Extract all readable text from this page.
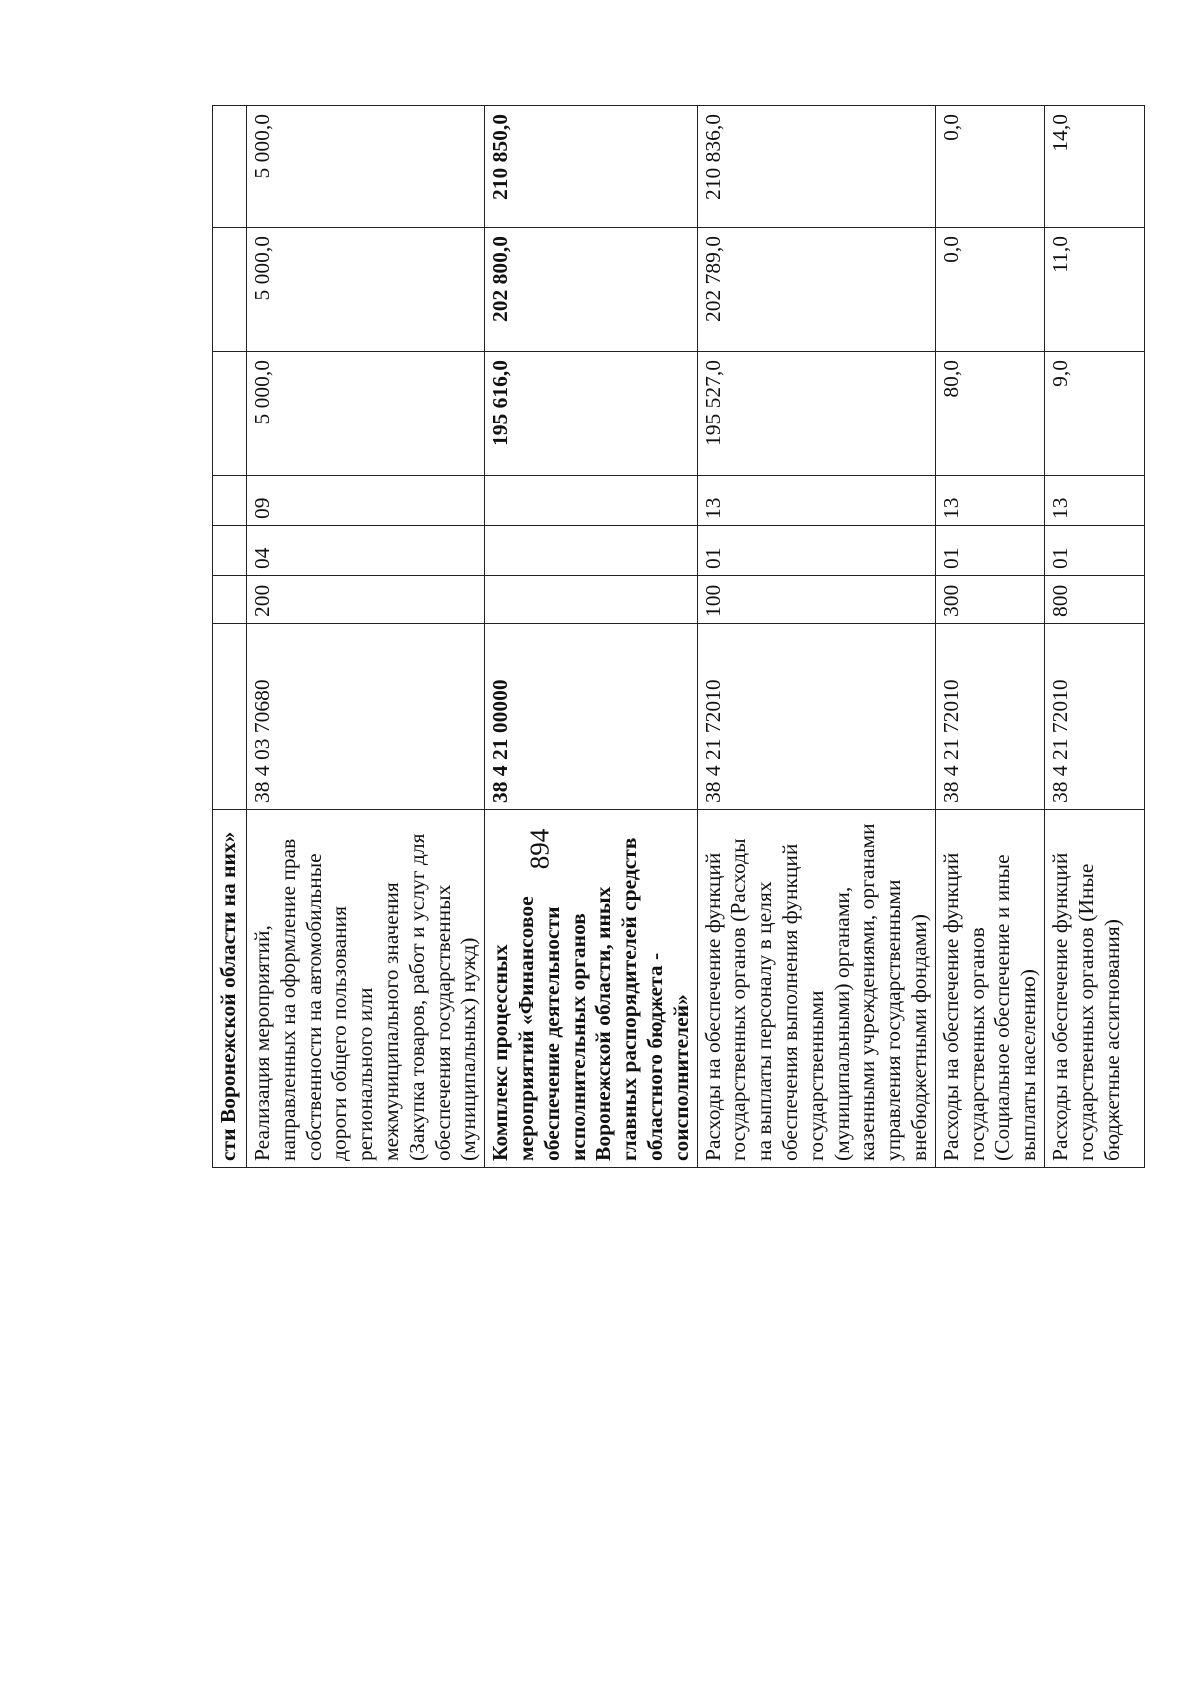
894
сти Воронежской области на них»							
Реализация мероприятий, направленных на оформление прав собственности на автомобильные дороги общего пользования регионального или межмуниципального значения (Закупка товаров, работ и услуг для обеспечения государственных (муниципальных) нужд)	38 4 03 70680	200	04	09	5 000,0	5 000,0	5 000,0
Комплекс процессных мероприятий «Финансовое обеспечение деятельности исполнительных органов Воронежской области, иных главных распорядителей средств областного бюджета - соисполнителей»	38 4 21 00000				195 616,0	202 800,0	210 850,0
Расходы на обеспечение функций государственных органов (Расходы на выплаты персоналу в целях обеспечения выполнения функций государственными (муниципальными) органами, казенными учреждениями, органами управления государственными внебюджетными фондами)	38 4 21 72010	100	01	13	195 527,0	202 789,0	210 836,0
Расходы на обеспечение функций государственных органов (Социальное обеспечение и иные выплаты населению)	38 4 21 72010	300	01	13	80,0	0,0	0,0
Расходы на обеспечение функций государственных органов (Иные бюджетные ассигнования)	38 4 21 72010	800	01	13	9,0	11,0	14,0
